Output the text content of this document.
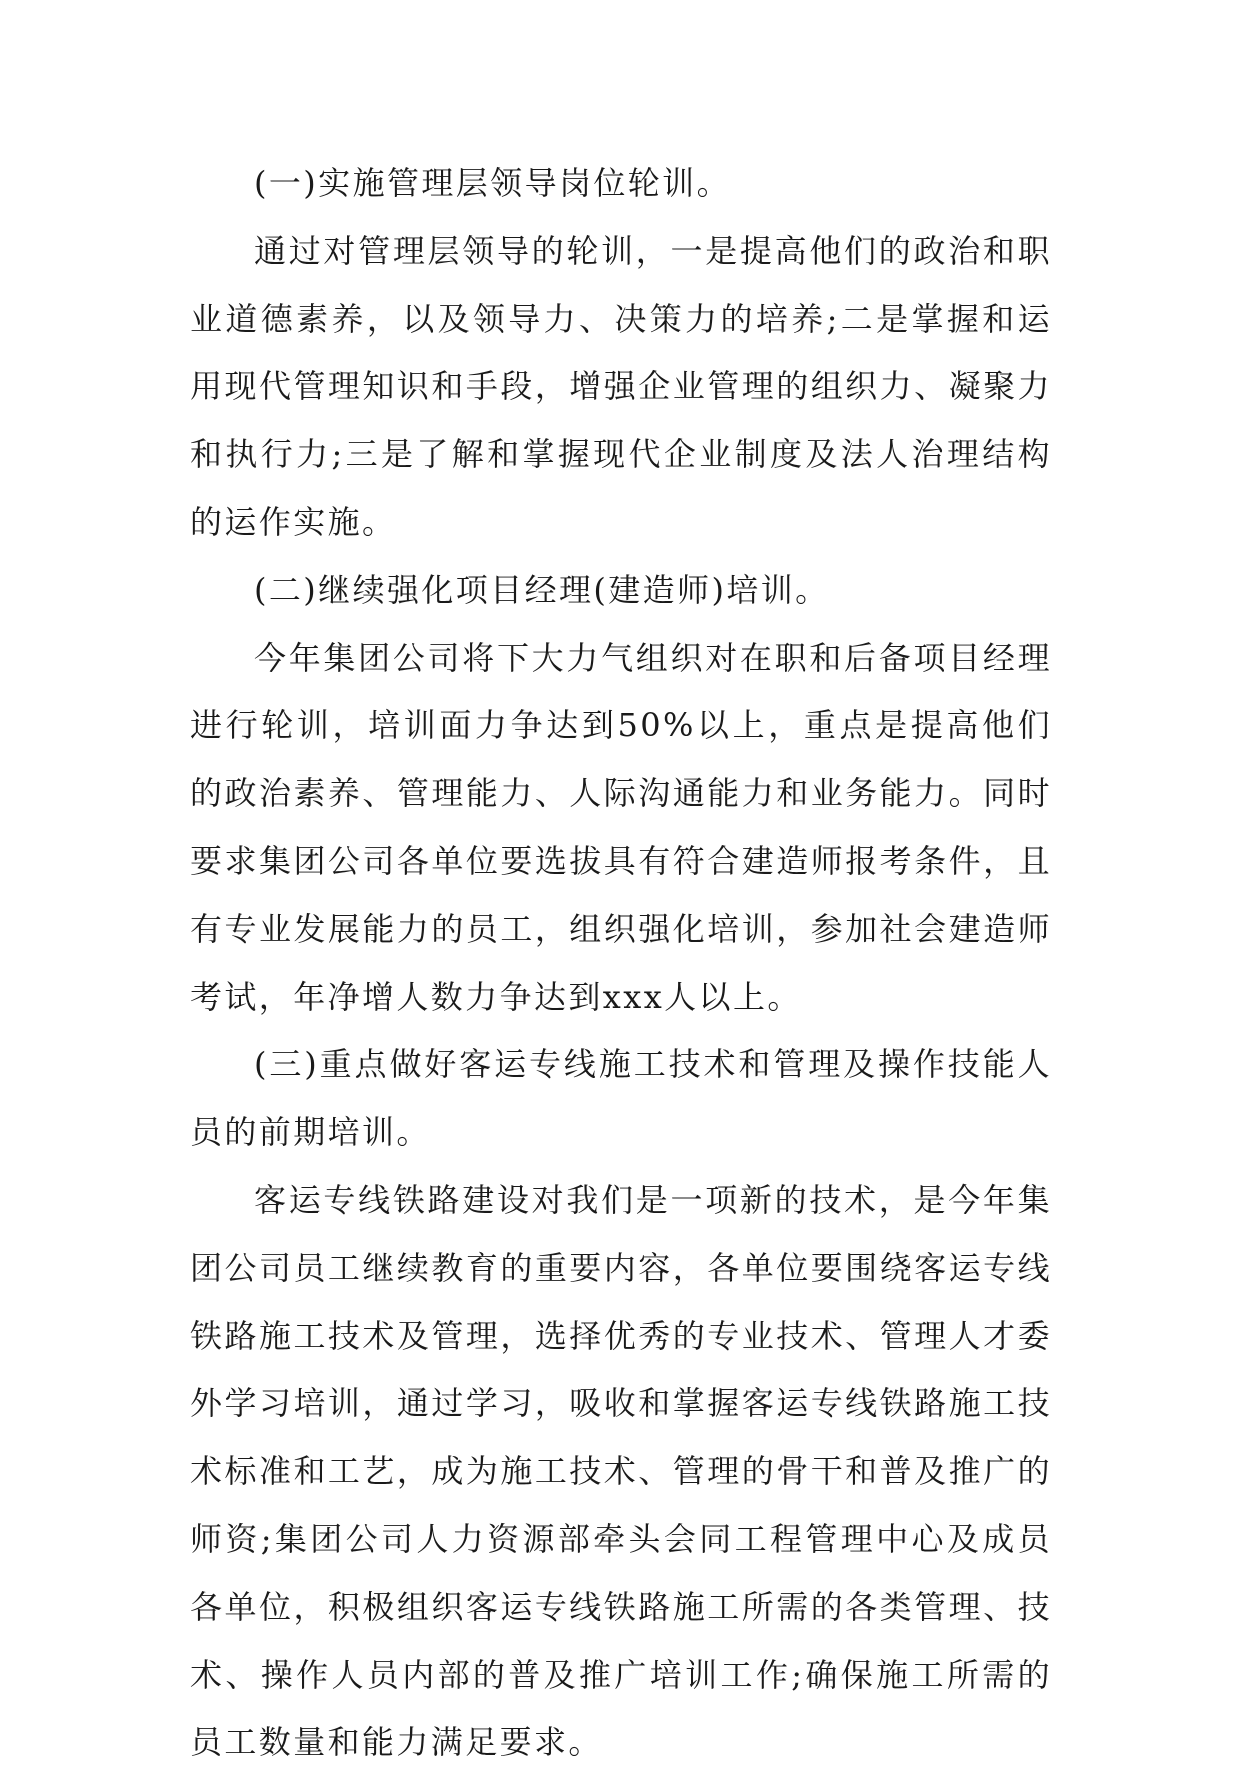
(一)实施管理层领导岗位轮训。

通过对管理层领导的轮训，一是提高他们的政治和职业道德素养，以及领导力、决策力的培养;二是掌握和运用现代管理知识和手段，增强企业管理的组织力、凝聚力和执行力;三是了解和掌握现代企业制度及法人治理结构的运作实施。

(二)继续强化项目经理(建造师)培训。

今年集团公司将下大力气组织对在职和后备项目经理进行轮训，培训面力争达到50%以上，重点是提高他们的政治素养、管理能力、人际沟通能力和业务能力。同时要求集团公司各单位要选拔具有符合建造师报考条件，且有专业发展能力的员工，组织强化培训，参加社会建造师考试，年净增人数力争达到xxx人以上。

(三)重点做好客运专线施工技术和管理及操作技能人员的前期培训。

客运专线铁路建设对我们是一项新的技术，是今年集团公司员工继续教育的重要内容，各单位要围绕客运专线铁路施工技术及管理，选择优秀的专业技术、管理人才委外学习培训，通过学习，吸收和掌握客运专线铁路施工技术标准和工艺，成为施工技术、管理的骨干和普及推广的师资;集团公司人力资源部牵头会同工程管理中心及成员各单位，积极组织客运专线铁路施工所需的各类管理、技术、操作人员内部的普及推广培训工作;确保施工所需的员工数量和能力满足要求。
